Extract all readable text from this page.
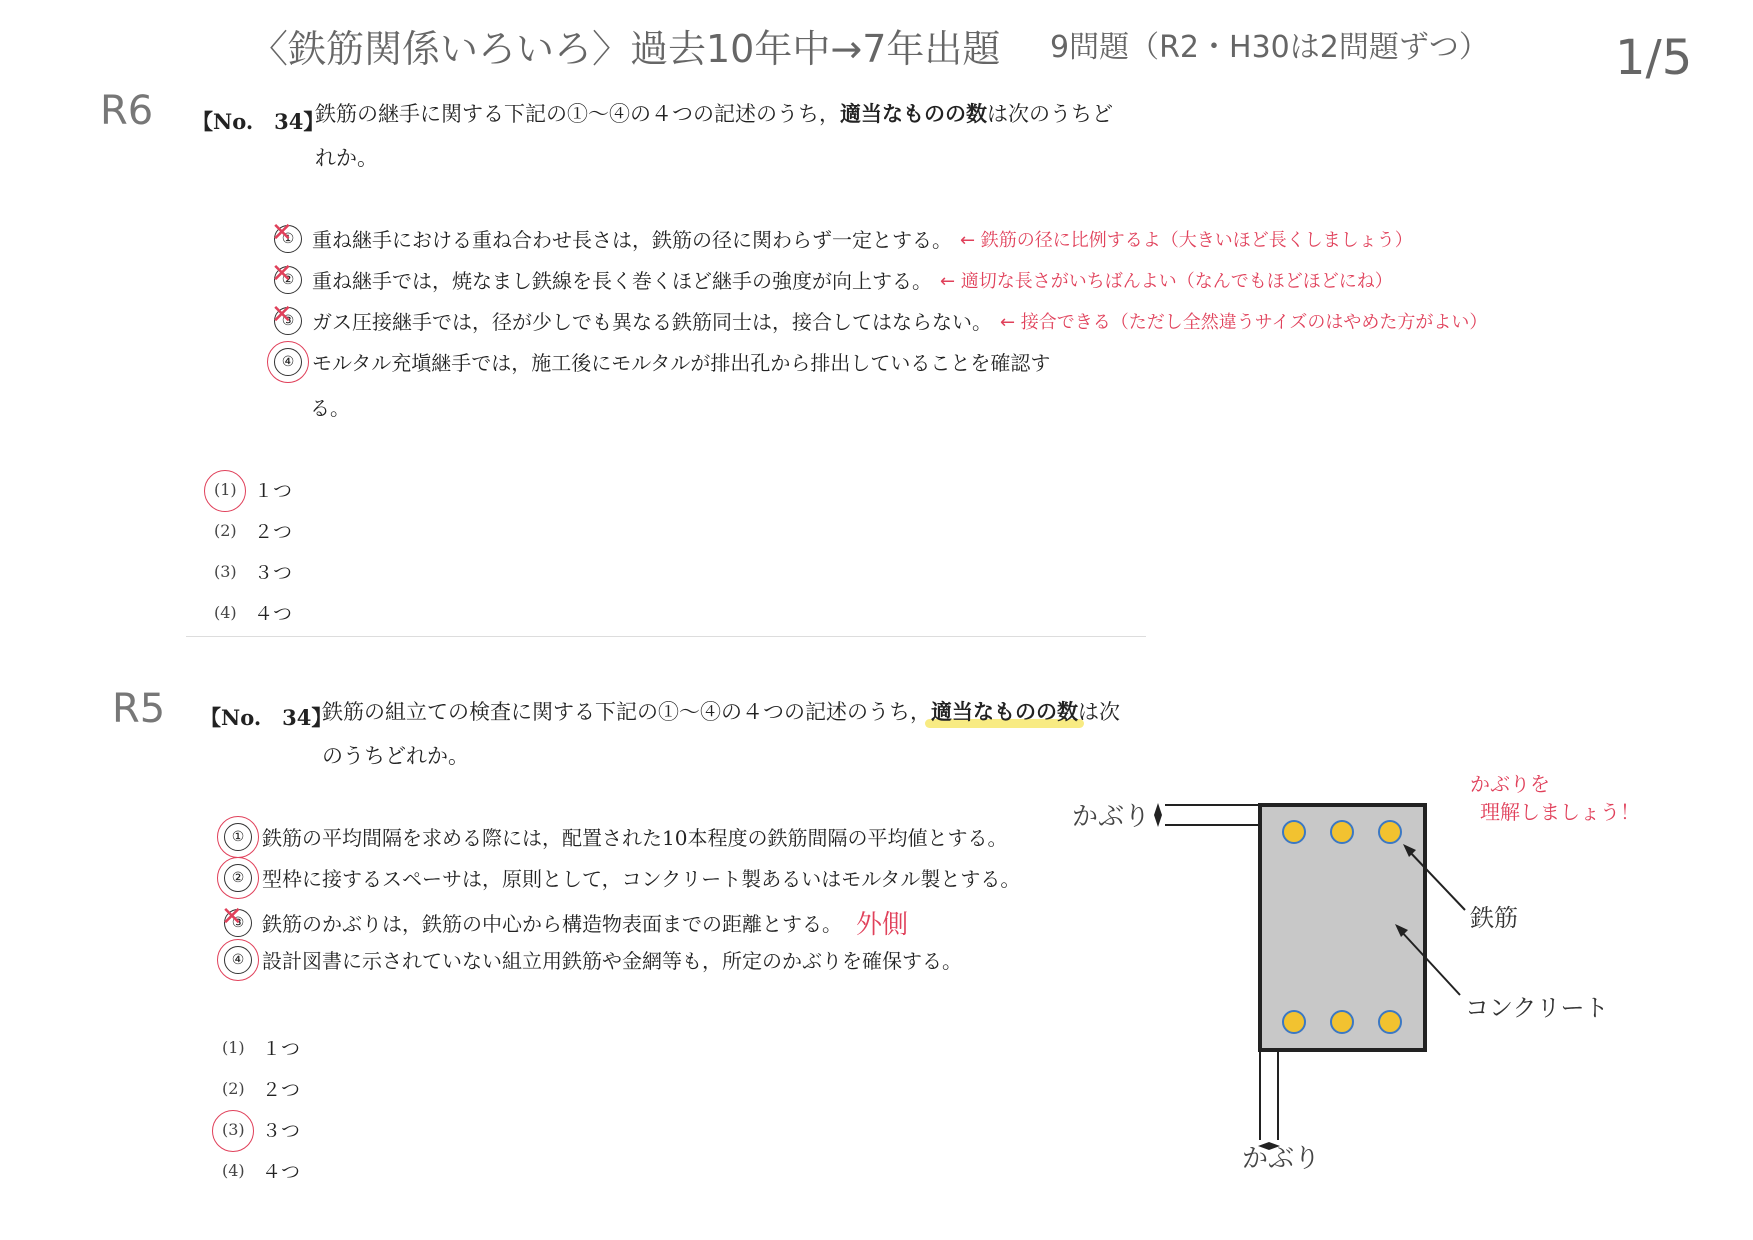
〈鉄筋関係いろいろ〉過去10年中→7年出題 9問題（R2・H30は2問題ずつ）	1/5
R6 【No.　34】
鉄筋の継手に関する下記の①〜④の４つの記述のうち，適当なものの数は次のうちど
れか。
① ✕ 重ね継手における重ね合わせ長さは，鉄筋の径に関わらず一定とする。 ← 鉄筋の径に比例するよ（大きいほど長くしましょう）
② ✕ 重ね継手では，焼なまし鉄線を長く巻くほど継手の強度が向上する。 ← 適切な長さがいちばんよい（なんでもほどほどにね）
③ ✕ ガス圧接継手では，径が少しでも異なる鉄筋同士は，接合してはならない。 ← 接合できる（ただし全然違うサイズのはやめた方がよい）
④ モルタル充塡継手では，施工後にモルタルが排出孔から排出していることを確認す
る。
(1) １つ
(2) ２つ
(3) ３つ
(4) ４つ
R5 【No.　34】
鉄筋の組立ての検査に関する下記の①〜④の４つの記述のうち，適当なものの数は次
のうちどれか。
① 鉄筋の平均間隔を求める際には，配置された10本程度の鉄筋間隔の平均値とする。
② 型枠に接するスペーサは，原則として，コンクリート製あるいはモルタル製とする。
③ ✕ 鉄筋のかぶりは，鉄筋の中心から構造物表面までの距離とする。 外側
④ 設計図書に示されていない組立用鉄筋や金網等も，所定のかぶりを確保する。
(1) １つ
(2) ２つ
(3) ３つ
(4) ４つ
かぶり
かぶり
鉄筋
コンクリート
かぶりを
理解しましょう！
